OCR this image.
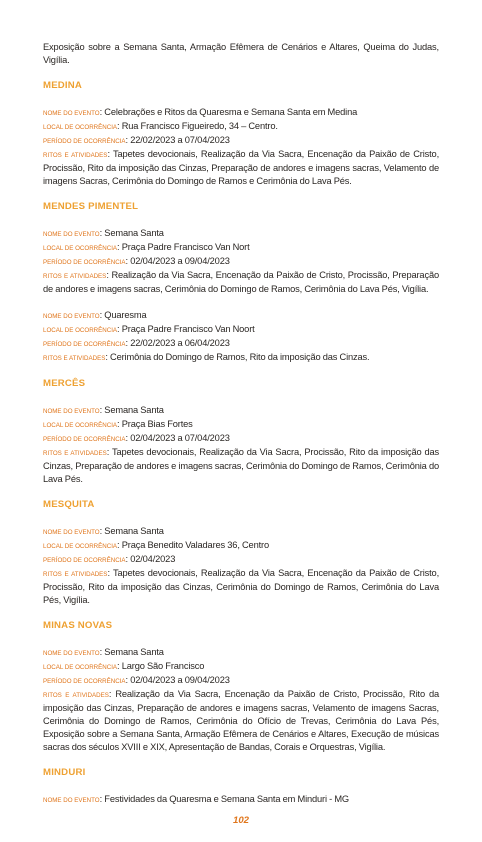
Exposição sobre a Semana Santa, Armação Efêmera de Cenários e Altares, Queima do Judas, Vigília.
MEDINA
NOME DO EVENTO: Celebrações e Ritos da Quaresma e Semana Santa em Medina
LOCAL DE OCORRÊNCIA: Rua Francisco Figueiredo, 34 – Centro.
PERÍODO DE OCORRÊNCIA: 22/02/2023 a 07/04/2023
RITOS E ATIVIDADES: Tapetes devocionais, Realização da Via Sacra, Encenação da Paixão de Cristo, Procissão, Rito da imposição das Cinzas, Preparação de andores e imagens sacras, Velamento de imagens Sacras, Cerimônia do Domingo de Ramos e Cerimônia do Lava Pés.
MENDES PIMENTEL
NOME DO EVENTO: Semana Santa
LOCAL DE OCORRÊNCIA: Praça Padre Francisco Van Nort
PERÍODO DE OCORRÊNCIA: 02/04/2023 a 09/04/2023
RITOS E ATIVIDADES: Realização da Via Sacra, Encenação da Paixão de Cristo, Procissão, Preparação de andores e imagens sacras, Cerimônia do Domingo de Ramos, Cerimônia do Lava Pés, Vigília.
NOME DO EVENTO: Quaresma
LOCAL DE OCORRÊNCIA: Praça Padre Francisco Van Noort
PERÍODO DE OCORRÊNCIA: 22/02/2023 a 06/04/2023
RITOS E ATIVIDADES: Cerimônia do Domingo de Ramos, Rito da imposição das Cinzas.
MERCÊS
NOME DO EVENTO: Semana Santa
LOCAL DE OCORRÊNCIA: Praça Bias Fortes
PERÍODO DE OCORRÊNCIA: 02/04/2023 a 07/04/2023
RITOS E ATIVIDADES: Tapetes devocionais, Realização da Via Sacra, Procissão, Rito da imposição das Cinzas, Preparação de andores e imagens sacras, Cerimônia do Domingo de Ramos, Cerimônia do Lava Pés.
MESQUITA
NOME DO EVENTO: Semana Santa
LOCAL DE OCORRÊNCIA: Praça Benedito Valadares 36, Centro
PERÍODO DE OCORRÊNCIA: 02/04/2023
RITOS E ATIVIDADES: Tapetes devocionais, Realização da Via Sacra, Encenação da Paixão de Cristo, Procissão, Rito da imposição das Cinzas, Cerimônia do Domingo de Ramos, Cerimônia do Lava Pés, Vigília.
MINAS NOVAS
NOME DO EVENTO: Semana Santa
LOCAL DE OCORRÊNCIA: Largo São Francisco
PERÍODO DE OCORRÊNCIA: 02/04/2023 a 09/04/2023
RITOS E ATIVIDADES: Realização da Via Sacra, Encenação da Paixão de Cristo, Procissão, Rito da imposição das Cinzas, Preparação de andores e imagens sacras, Velamento de imagens Sacras, Cerimônia do Domingo de Ramos, Cerimônia do Ofício de Trevas, Cerimônia do Lava Pés, Exposição sobre a Semana Santa, Armação Efêmera de Cenários e Altares, Execução de músicas sacras dos séculos XVIII e XIX, Apresentação de Bandas, Corais e Orquestras, Vigília.
MINDURI
NOME DO EVENTO: Festividades da Quaresma e Semana Santa em Minduri - MG
102
